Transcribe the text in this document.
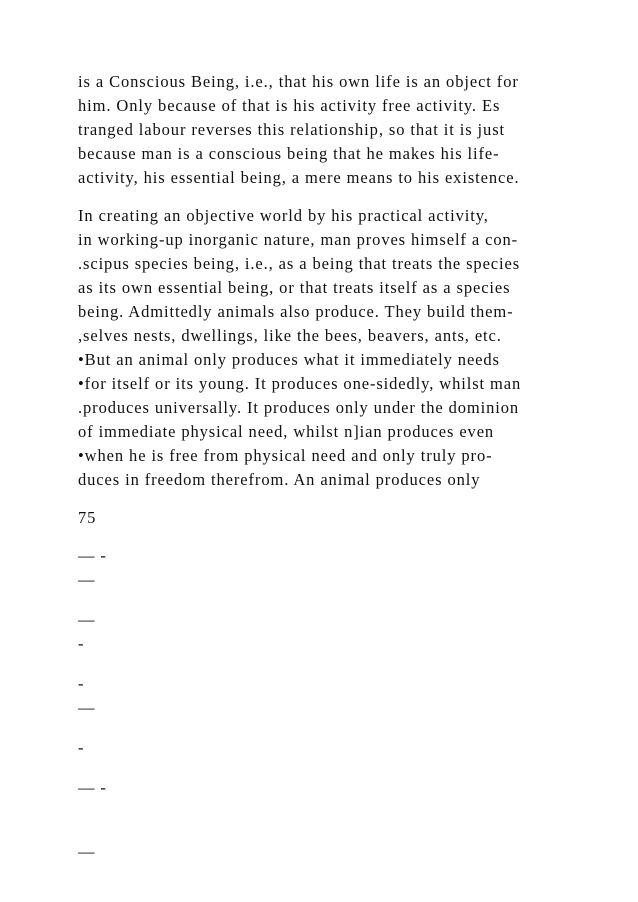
is a Conscious Being, i.e., that his own life is an object for

him. Only because of that is his activity free activity. Es

tranged labour reverses this relationship, so that it is just

because man is a conscious being that he makes his life-

activity, his essential being, a mere means to his existence.

In creating an objective world by his practical activity,

in working-up inorganic nature, man proves himself a con-

.scipus species being, i.e., as a being that treats the species

as its own essential being, or that treats itself as a species

being. Admittedly animals also produce. They build them-

,selves nests, dwellings, like the bees, beavers, ants, etc.

•But an animal only produces what it immediately needs

•for itself or its young. It produces one-sidedly, whilst man

.produces universally. It produces only under the dominion

of immediate physical need, whilst n]ian produces even

•when he is free from physical need and only truly pro-

duces in freedom therefrom. An animal produces only

75

— -

—

—

-

-

—

-

— -

—
